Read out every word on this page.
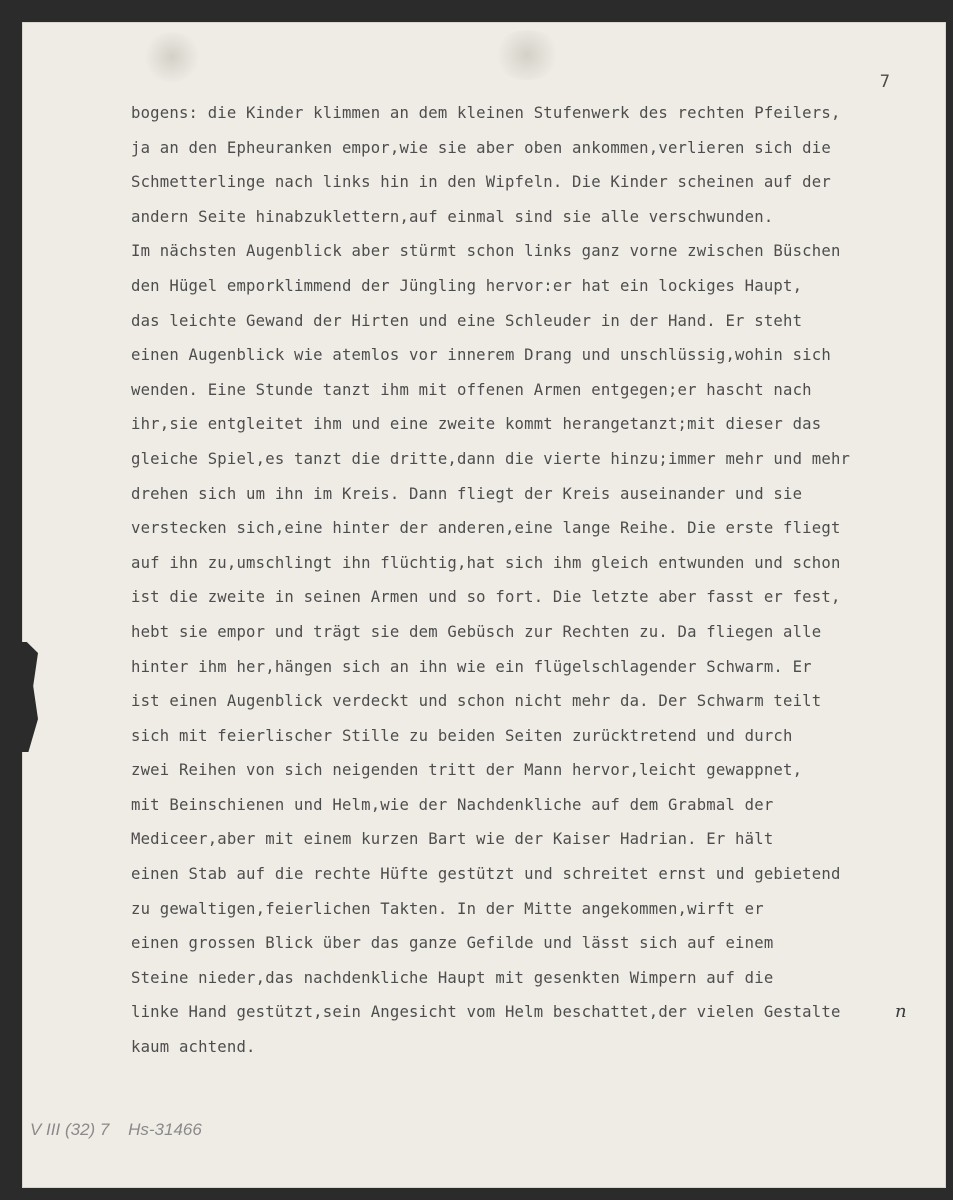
7
bogens: die Kinder klimmen an dem kleinen Stufenwerk des rechten Pfeilers,
ja an den Epheuranken empor,wie sie aber oben ankommen,verlieren sich die
Schmetterlinge nach links hin in den Wipfeln. Die Kinder scheinen auf der
andern Seite hinabzuklettern,auf einmal sind sie alle verschwunden.
Im nächsten Augenblick aber stürmt schon links ganz vorne zwischen Büschen
den Hügel emporklimmend der Jüngling hervor:er hat ein lockiges Haupt,
das leichte Gewand der Hirten und eine Schleuder in der Hand. Er steht
einen Augenblick wie atemlos vor innerem Drang und unschlüssig,wohin sich
wenden. Eine Stunde tanzt ihm mit offenen Armen entgegen;er hascht nach
ihr,sie entgleitet ihm und eine zweite kommt herangetanzt;mit dieser das
gleiche Spiel,es tanzt die dritte,dann die vierte hinzu;immer mehr und mehr
drehen sich um ihn im Kreis. Dann fliegt der Kreis auseinander und sie
verstecken sich,eine hinter der anderen,eine lange Reihe. Die erste fliegt
auf ihn zu,umschlingt ihn flüchtig,hat sich ihm gleich entwunden und schon
ist die zweite in seinen Armen und so fort. Die letzte aber fasst er fest,
hebt sie empor und trägt sie dem Gebüsch zur Rechten zu. Da fliegen alle
hinter ihm her,hängen sich an ihn wie ein flügelschlagender Schwarm. Er
ist einen Augenblick verdeckt und schon nicht mehr da. Der Schwarm teilt
sich mit feierlischer Stille zu beiden Seiten zurücktretend und durch
zwei Reihen von sich neigenden tritt der Mann hervor,leicht gewappnet,
mit Beinschienen und Helm,wie der Nachdenkliche auf dem Grabmal der
Mediceer,aber mit einem kurzen Bart wie der Kaiser Hadrian. Er hält
einen Stab auf die rechte Hüfte gestützt und schreitet ernst und gebietend
zu gewaltigen,feierlichen Takten. In der Mitte angekommen,wirft er
einen grossen Blick über das ganze Gefilde und lässt sich auf einem
Steine nieder,das nachdenkliche Haupt mit gesenkten Wimpern auf die
linke Hand gestützt,sein Angesicht vom Helm beschattet,der vielen Gestalte
kaum achtend.
n
V III (32) 7 Hs-31466
